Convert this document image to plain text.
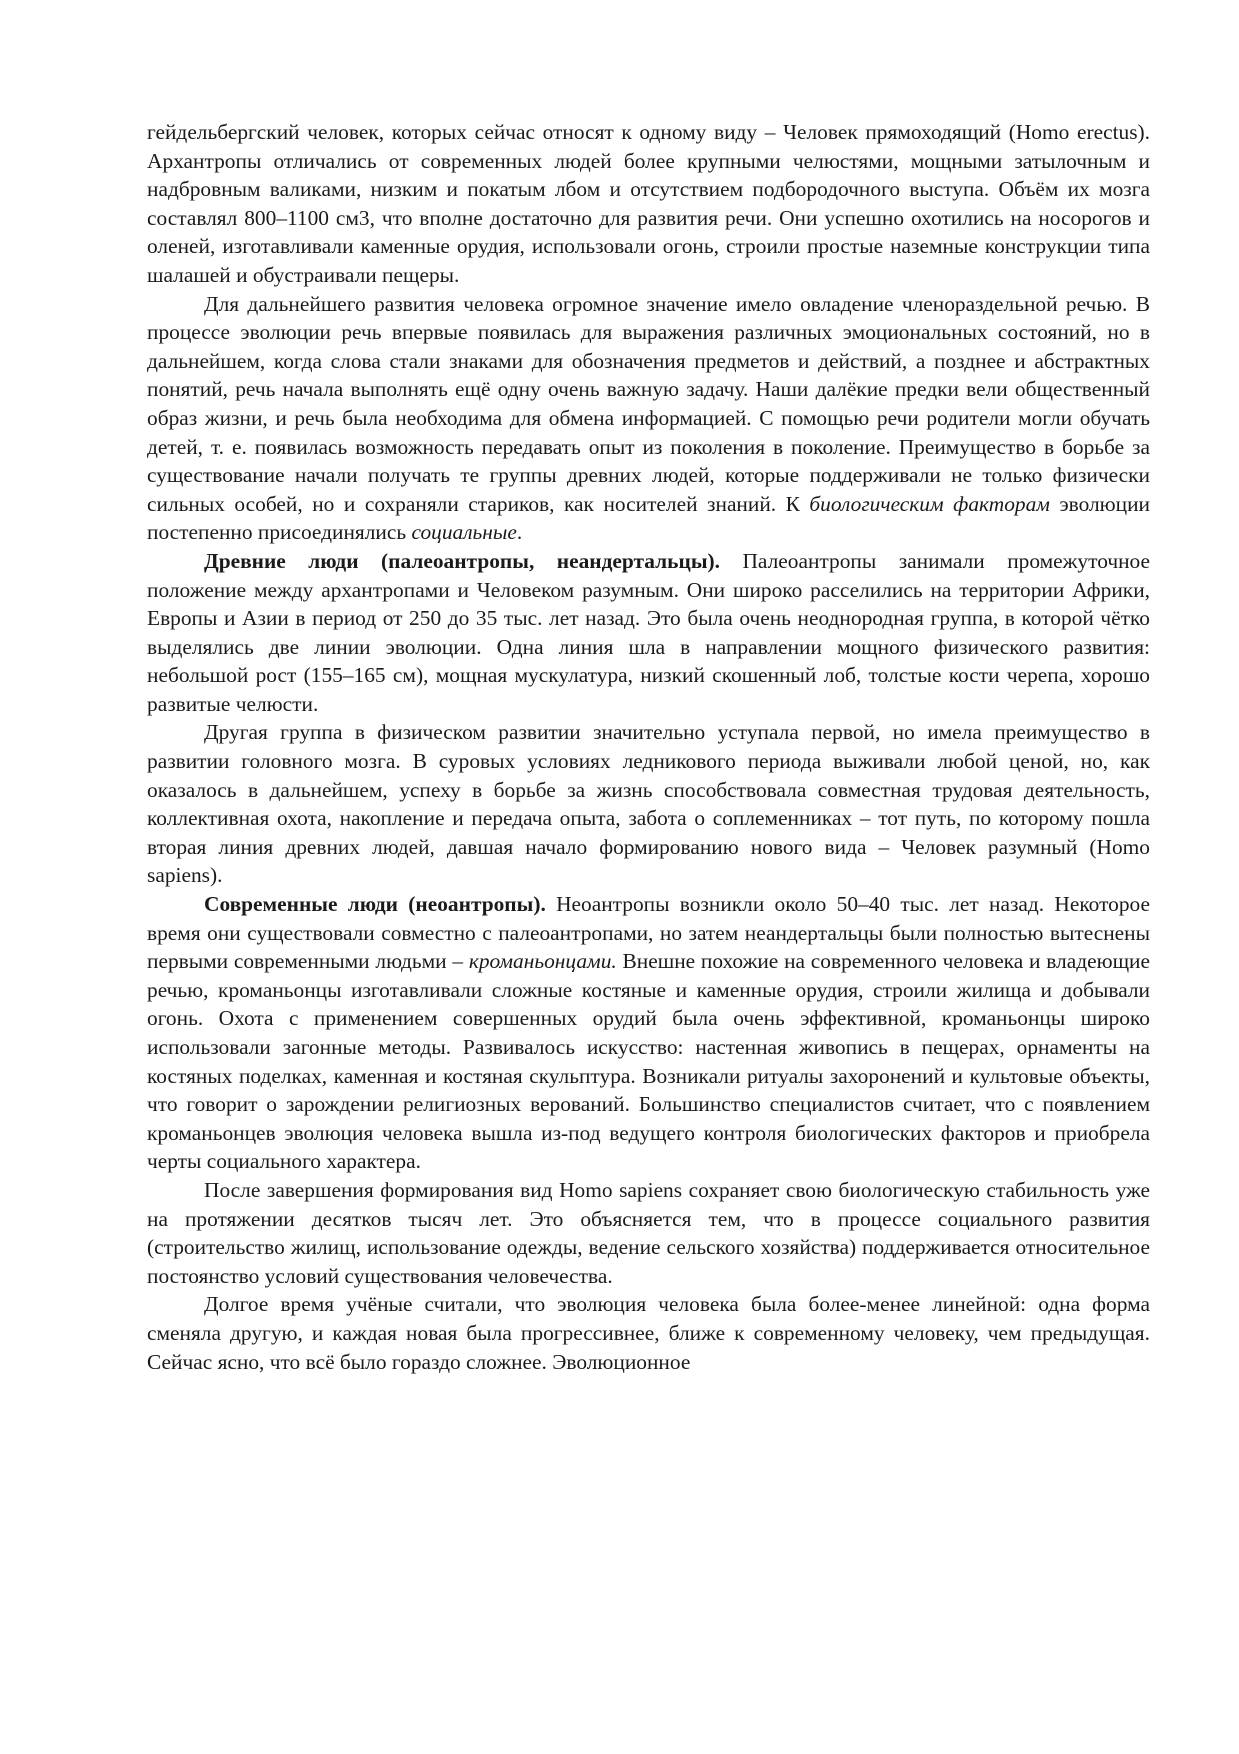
гейдельбергский человек, которых сейчас относят к одному виду – Человек прямоходящий (Homo erectus). Архантропы отличались от современных людей более крупными челюстями, мощными затылочным и надбровным валиками, низким и покатым лбом и отсутствием подбородочного выступа. Объём их мозга составлял 800–1100 см3, что вполне достаточно для развития речи. Они успешно охотились на носорогов и оленей, изготавливали каменные орудия, использовали огонь, строили простые наземные конструкции типа шалашей и обустраивали пещеры.

Для дальнейшего развития человека огромное значение имело овладение членораздельной речью. В процессе эволюции речь впервые появилась для выражения различных эмоциональных состояний, но в дальнейшем, когда слова стали знаками для обозначения предметов и действий, а позднее и абстрактных понятий, речь начала выполнять ещё одну очень важную задачу. Наши далёкие предки вели общественный образ жизни, и речь была необходима для обмена информацией. С помощью речи родители могли обучать детей, т. е. появилась возможность передавать опыт из поколения в поколение. Преимущество в борьбе за существование начали получать те группы древних людей, которые поддерживали не только физически сильных особей, но и сохраняли стариков, как носителей знаний. К биологическим факторам эволюции постепенно присоединялись социальные.

Древние люди (палеоантропы, неандертальцы). Палеоантропы занимали промежуточное положение между архантропами и Человеком разумным. Они широко расселились на территории Африки, Европы и Азии в период от 250 до 35 тыс. лет назад. Это была очень неоднородная группа, в которой чётко выделялись две линии эволюции. Одна линия шла в направлении мощного физического развития: небольшой рост (155–165 см), мощная мускулатура, низкий скошенный лоб, толстые кости черепа, хорошо развитые челюсти.

Другая группа в физическом развитии значительно уступала первой, но имела преимущество в развитии головного мозга. В суровых условиях ледникового периода выживали любой ценой, но, как оказалось в дальнейшем, успеху в борьбе за жизнь способствовала совместная трудовая деятельность, коллективная охота, накопление и передача опыта, забота о соплеменниках – тот путь, по которому пошла вторая линия древних людей, давшая начало формированию нового вида – Человек разумный (Homo sapiens).

Современные люди (неоантропы). Неоантропы возникли около 50–40 тыс. лет назад. Некоторое время они существовали совместно с палеоантропами, но затем неандертальцы были полностью вытеснены первыми современными людьми – кроманьонцами. Внешне похожие на современного человека и владеющие речью, кроманьонцы изготавливали сложные костяные и каменные орудия, строили жилища и добывали огонь. Охота с применением совершенных орудий была очень эффективной, кроманьонцы широко использовали загонные методы. Развивалось искусство: настенная живопись в пещерах, орнаменты на костяных поделках, каменная и костяная скульптура. Возникали ритуалы захоронений и культовые объекты, что говорит о зарождении религиозных верований. Большинство специалистов считает, что с появлением кроманьонцев эволюция человека вышла из-под ведущего контроля биологических факторов и приобрела черты социального характера.

После завершения формирования вид Homo sapiens сохраняет свою биологическую стабильность уже на протяжении десятков тысяч лет. Это объясняется тем, что в процессе социального развития (строительство жилищ, использование одежды, ведение сельского хозяйства) поддерживается относительное постоянство условий существования человечества.

Долгое время учёные считали, что эволюция человека была более-менее линейной: одна форма сменяла другую, и каждая новая была прогрессивнее, ближе к современному человеку, чем предыдущая. Сейчас ясно, что всё было гораздо сложнее. Эволюционное
